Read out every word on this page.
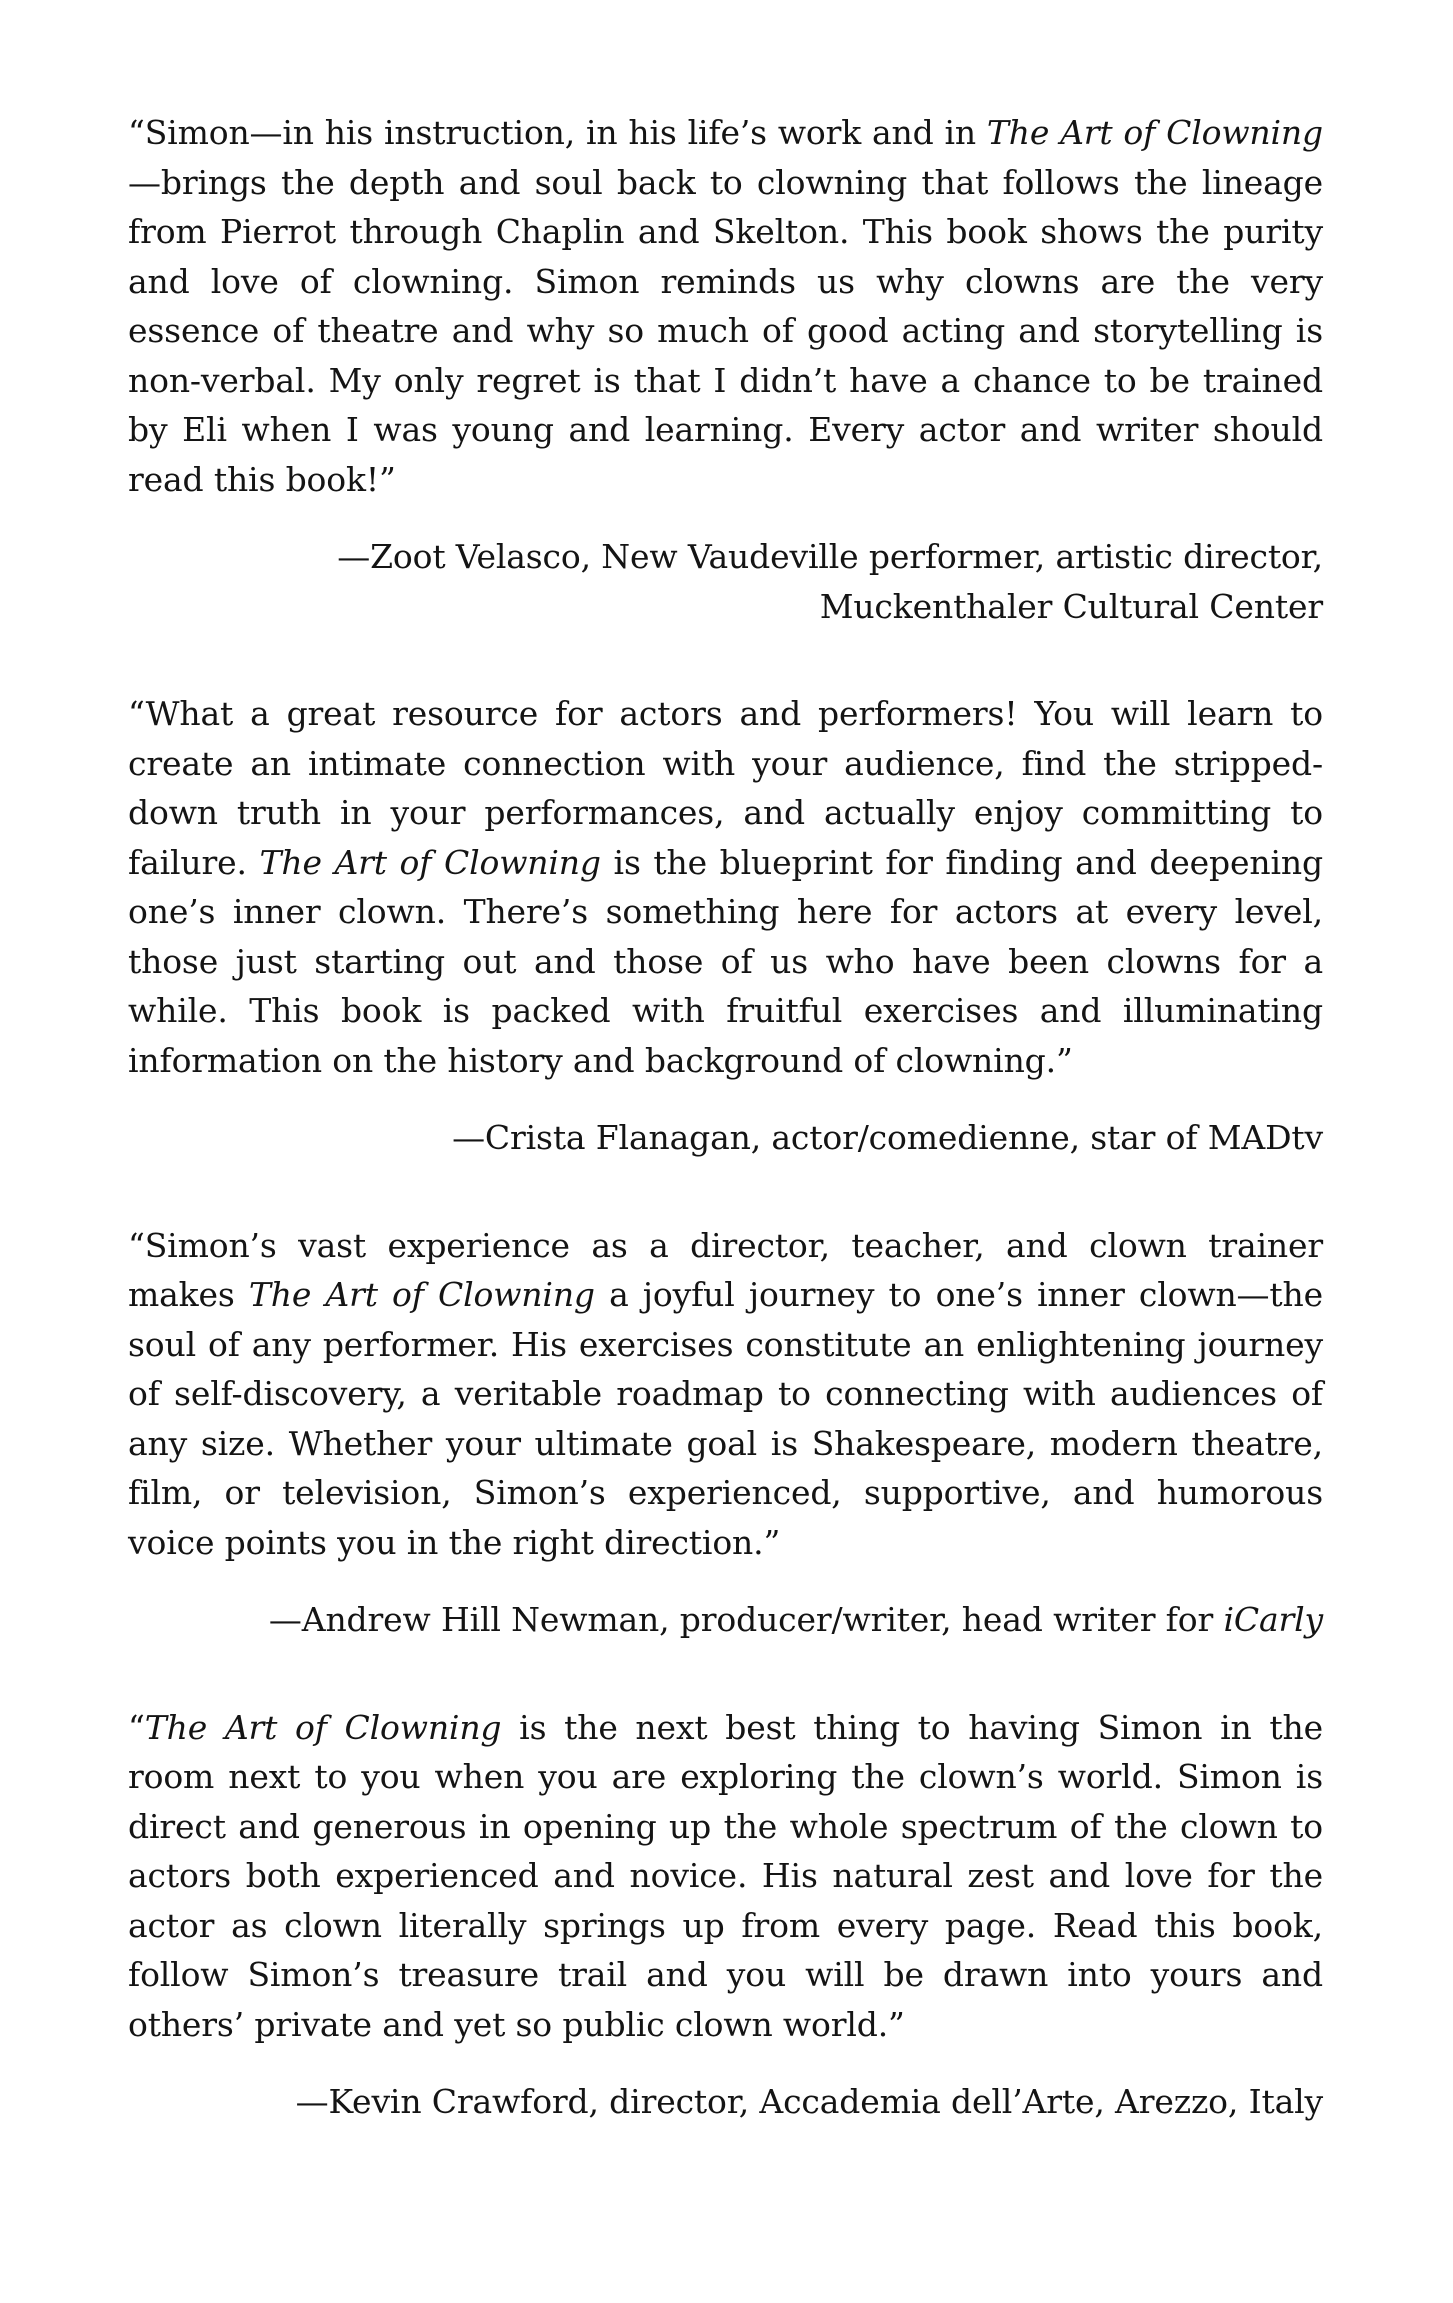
“Simon—in his instruction, in his life’s work and in The Art of Clowning—brings the depth and soul back to clowning that follows the lineage from Pierrot through Chaplin and Skelton. This book shows the purity and love of clowning. Simon reminds us why clowns are the very essence of theatre and why so much of good acting and storytelling is non-verbal. My only regret is that I didn’t have a chance to be trained by Eli when I was young and learning. Every actor and writer should read this book!”

—Zoot Velasco, New Vaudeville performer, artistic director,
Muckenthaler Cultural Center

“What a great resource for actors and performers! You will learn to create an intimate connection with your audience, find the stripped-down truth in your performances, and actually enjoy committing to failure. The Art of Clowning is the blueprint for finding and deepening one’s inner clown. There’s something here for actors at every level, those just starting out and those of us who have been clowns for a while. This book is packed with fruitful exercises and illuminating information on the history and background of clowning.”

—Crista Flanagan, actor/comedienne, star of MADtv

“Simon’s vast experience as a director, teacher, and clown trainer makes The Art of Clowning a joyful journey to one’s inner clown—the soul of any performer. His exercises constitute an enlightening journey of self-discovery, a veritable roadmap to connecting with audiences of any size. Whether your ultimate goal is Shakespeare, modern theatre, film, or television, Simon’s experienced, supportive, and humorous voice points you in the right direction.”

—Andrew Hill Newman, producer/writer, head writer for iCarly

“The Art of Clowning is the next best thing to having Simon in the room next to you when you are exploring the clown’s world. Simon is direct and generous in opening up the whole spectrum of the clown to actors both experienced and novice. His natural zest and love for the actor as clown literally springs up from every page. Read this book, follow Simon’s treasure trail and you will be drawn into yours and others’ private and yet so public clown world.”

—Kevin Crawford, director, Accademia dell’Arte, Arezzo, Italy
